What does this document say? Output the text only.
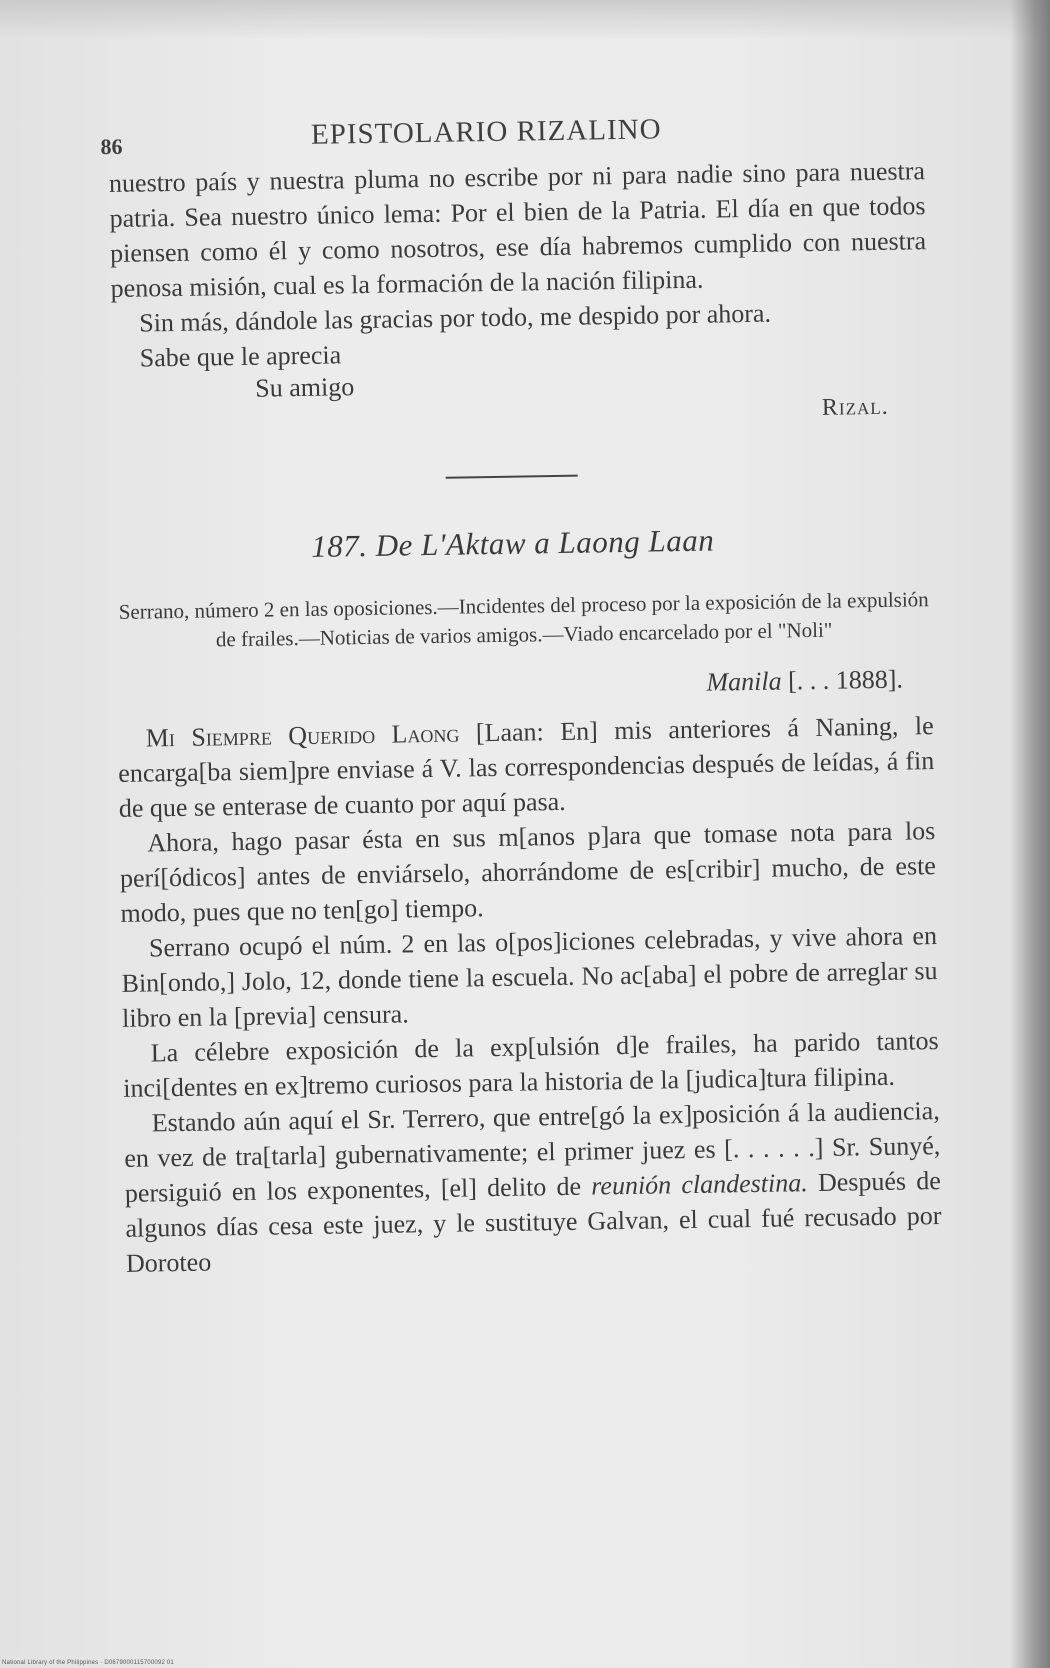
86	EPISTOLARIO RIZALINO

nuestro país y nuestra pluma no escribe por ni para nadie sino para nuestra patria. Sea nuestro único lema: Por el bien de la Patria. El día en que todos piensen como él y como nosotros, ese día habremos cumplido con nuestra penosa misión, cual es la formación de la nación filipina.

Sin más, dándole las gracias por todo, me despido por ahora.

Sabe que le aprecia

Su amigo
Rizal.
187. De L'Aktaw a Laong Laan
Serrano, número 2 en las oposiciones.—Incidentes del proceso por la exposición de la expulsión de frailes.—Noticias de varios amigos.—Viado encarcelado por el "Noli"
Manila [. . . 1888].

Mi Siempre Querido Laong [Laan: En] mis anteriores á Naning, le encarga[ba siem]pre enviase á V. las correspondencias después de leídas, á fin de que se enterase de cuanto por aquí pasa.

Ahora, hago pasar ésta en sus m[anos p]ara que tomase nota para los perí[ódicos] antes de enviárselo, ahorrándome de es[cribir] mucho, de este modo, pues que no ten[go] tiempo.

Serrano ocupó el núm. 2 en las o[pos]iciones celebradas, y vive ahora en Bin[ondo,] Jolo, 12, donde tiene la escuela. No ac[aba] el pobre de arreglar su libro en la [previa] censura.

La célebre exposición de la exp[ulsión d]e frailes, ha parido tantos inci[dentes en ex]tremo curiosos para la historia de la [judica]tura filipina.

Estando aún aquí el Sr. Terrero, que entre[gó la ex]posición á la audiencia, en vez de tra[tarla] gubernativamente; el primer juez es [. . . . . .] Sr. Sunyé, persiguió en los exponentes, [el] delito de reunión clandestina. Después de algunos días cesa este juez, y le sustituye Galvan, el cual fué recusado por Doroteo

National Library of the Philippines · D0679000115700092 01
